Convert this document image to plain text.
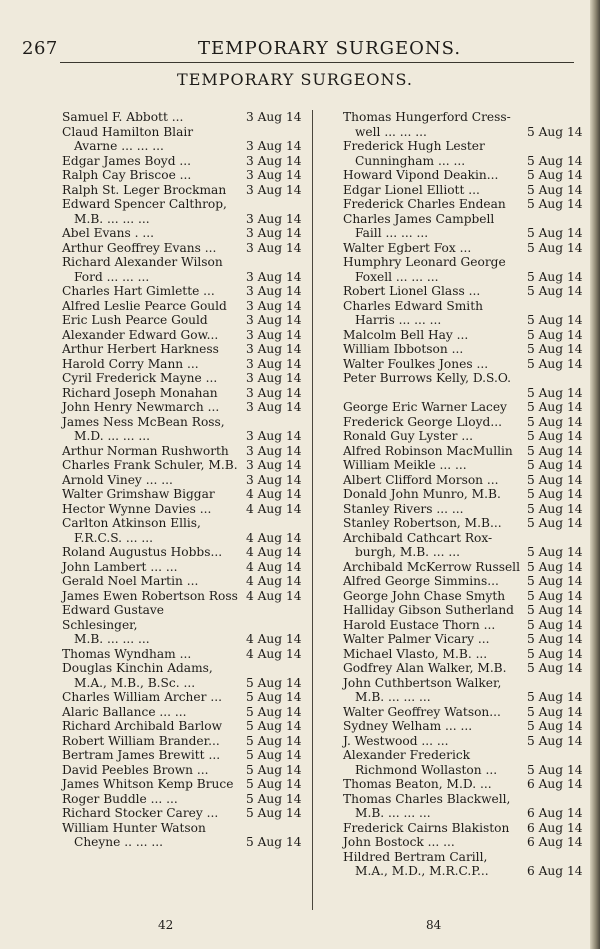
267	TEMPORARY SURGEONS.
TEMPORARY SURGEONS.
Samuel F. Abbott ...	3 Aug 14
Claud Hamilton Blair
Avarne ... ... ...	3 Aug 14
Edgar James Boyd ...	3 Aug 14
Ralph Cay Briscoe ...	3 Aug 14
Ralph St. Leger Brockman	3 Aug 14
Edward Spencer Calthrop,
M.B. ... ... ...	3 Aug 14
Abel Evans . ...	3 Aug 14
Arthur Geoffrey Evans ...	3 Aug 14
Richard Alexander Wilson
Ford ... ... ...	3 Aug 14
Charles Hart Gimlette ...	3 Aug 14
Alfred Leslie Pearce Gould	3 Aug 14
Eric Lush Pearce Gould	3 Aug 14
Alexander Edward Gow...	3 Aug 14
Arthur Herbert Harkness	3 Aug 14
Harold Corry Mann ...	3 Aug 14
Cyril Frederick Mayne ...	3 Aug 14
Richard Joseph Monahan	3 Aug 14
John Henry Newmarch ...	3 Aug 14
James Ness McBean Ross,
M.D. ... ... ...	3 Aug 14
Arthur Norman Rushworth	3 Aug 14
Charles Frank Schuler, M.B. 3 Aug 14
Arnold Viney ... ...	3 Aug 14
Walter Grimshaw Biggar	4 Aug 14
Hector Wynne Davies ...	4 Aug 14
Carlton Atkinson Ellis,
F.R.C.S. ... ...	4 Aug 14
Roland Augustus Hobbs...	4 Aug 14
John Lambert ... ...	4 Aug 14
Gerald Noel Martin ...	4 Aug 14
James Ewen Robertson Ross 4 Aug 14
Edward Gustave Schlesinger,
M.B. ... ... ...	4 Aug 14
Thomas Wyndham ...	4 Aug 14
Douglas Kinchin Adams,
M.A., M.B., B.Sc. ...	5 Aug 14
Charles William Archer ...	5 Aug 14
Alaric Ballance ... ...	5 Aug 14
Richard Archibald Barlow	5 Aug 14
Robert William Brander...	5 Aug 14
Bertram James Brewitt ...	5 Aug 14
David Peebles Brown ...	5 Aug 14
James Whitson Kemp Bruce	5 Aug 14
Roger Buddle ... ...	5 Aug 14
Richard Stocker Carey ...	5 Aug 14
William Hunter Watson
Cheyne .. ... ...	5 Aug 14
Thomas Hungerford Cress-
well ... ... ...	5 Aug 14
Frederick Hugh Lester
Cunningham ... ...	5 Aug 14
Howard Vipond Deakin...	5 Aug 14
Edgar Lionel Elliott ...	5 Aug 14
Frederick Charles Endean	5 Aug 14
Charles James Campbell
Faill ... ... ...	5 Aug 14
Walter Egbert Fox ...	5 Aug 14
Humphry Leonard George
Foxell ... ... ...	5 Aug 14
Robert Lionel Glass ...	5 Aug 14
Charles Edward Smith
Harris ... ... ...	5 Aug 14
Malcolm Bell Hay ...	5 Aug 14
William Ibbotson ...	5 Aug 14
Walter Foulkes Jones ...	5 Aug 14
Peter Burrows Kelly, D.S.O.

5 Aug 14
George Eric Warner Lacey	5 Aug 14
Frederick George Lloyd...	5 Aug 14
Ronald Guy Lyster ...	5 Aug 14
Alfred Robinson MacMullin	5 Aug 14
William Meikle ... ...	5 Aug 14
Albert Clifford Morson ...	5 Aug 14
Donald John Munro, M.B.	5 Aug 14
Stanley Rivers ... ...	5 Aug 14
Stanley Robertson, M.B...	5 Aug 14
Archibald Cathcart Rox-
burgh, M.B. ... ...	5 Aug 14
Archibald McKerrow Russell 5 Aug 14
Alfred George Simmins...	5 Aug 14
George John Chase Smyth	5 Aug 14
Halliday Gibson Sutherland	5 Aug 14
Harold Eustace Thorn ...	5 Aug 14
Walter Palmer Vicary ...	5 Aug 14
Michael Vlasto, M.B. ...	5 Aug 14
Godfrey Alan Walker, M.B.	5 Aug 14
John Cuthbertson Walker,
M.B. ... ... ...	5 Aug 14
Walter Geoffrey Watson...	5 Aug 14
Sydney Welham ... ...	5 Aug 14
J. Westwood ... ...	5 Aug 14
Alexander Frederick
Richmond Wollaston ...	5 Aug 14
Thomas Beaton, M.D. ...	6 Aug 14
Thomas Charles Blackwell,
M.B. ... ... ...	6 Aug 14
Frederick Cairns Blakiston	6 Aug 14
John Bostock ... ...	6 Aug 14
Hildred Bertram Carill,
M.A., M.D., M.R.C.P...	6 Aug 14
42	84
